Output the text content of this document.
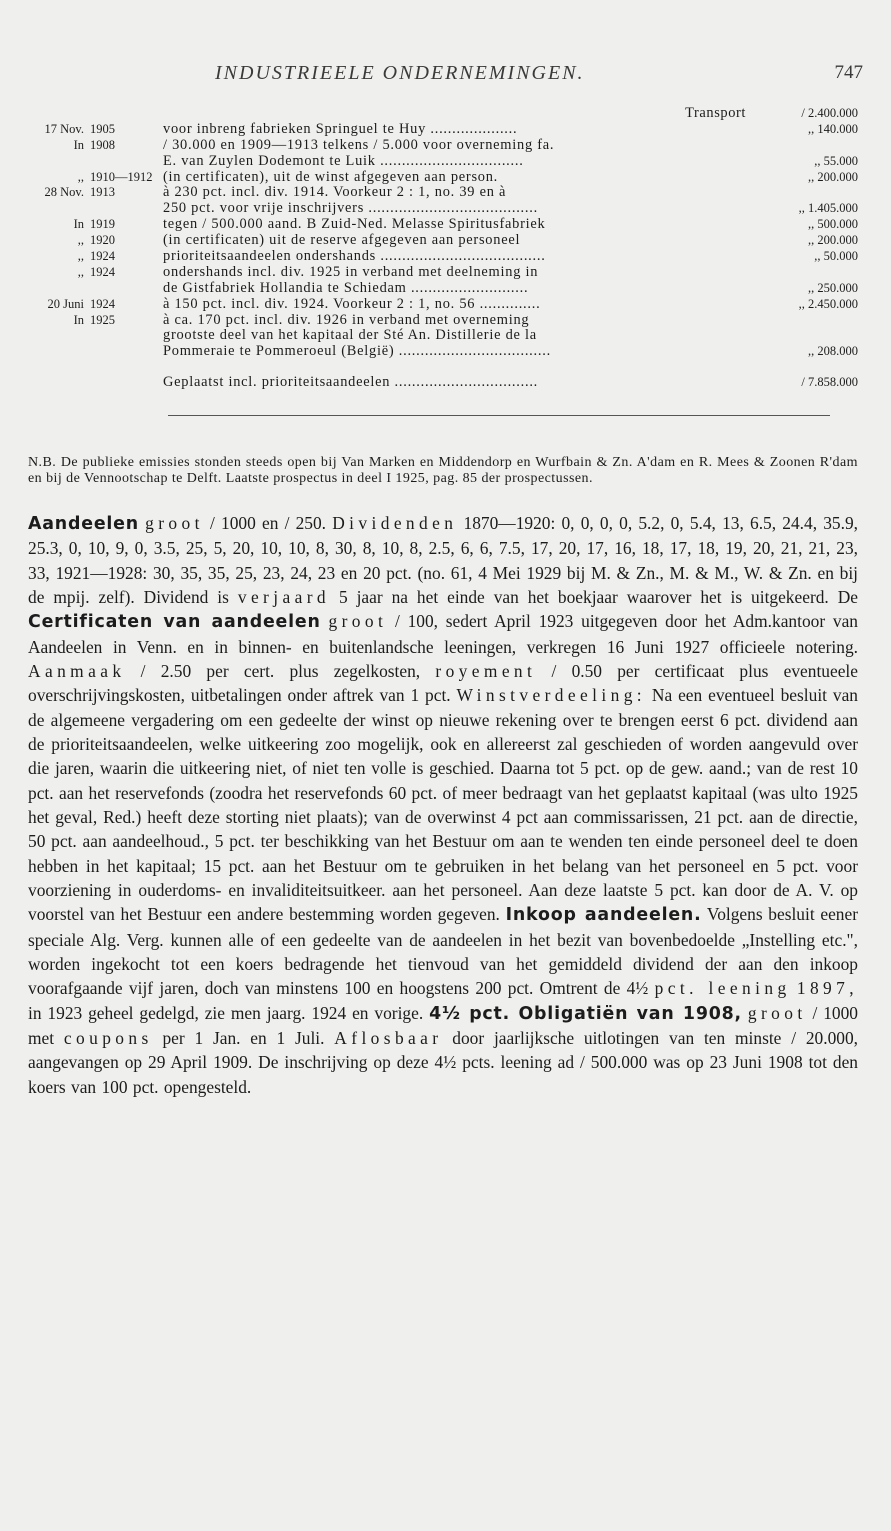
INDUSTRIEELE ONDERNEMINGEN.	747
Transport	/ 2.400.000
17 Nov. 1905	voor inbreng fabrieken Springuel te Huy ....................	,, 140.000
In 1908	/ 30.000 en 1909—1913 telkens / 5.000 voor overneming fa.
E. van Zuylen Dodemont te Luik .................................	,, 55.000
,, 1910—1912 (in certificaten), uit de winst afgegeven aan person.	,, 200.000
28 Nov. 1913	à 230 pct. incl. div. 1914. Voorkeur 2 : 1, no. 39 en à
250 pct. voor vrije inschrijvers .......................................	,, 1.405.000
In 1919	tegen / 500.000 aand. B Zuid-Ned. Melasse Spiritusfabriek	,, 500.000
,, 1920	(in certificaten) uit de reserve afgegeven aan personeel	,, 200.000
,, 1924	prioriteitsaandeelen ondershands ......................................	,, 50.000
,, 1924	ondershands incl. div. 1925 in verband met deelneming in
de Gistfabriek Hollandia te Schiedam ...........................	,, 250.000
20 Juni 1924	à 150 pct. incl. div. 1924. Voorkeur 2 : 1, no. 56 ..............	,, 2.450.000
In 1925	à ca. 170 pct. incl. div. 1926 in verband met overneming
grootste deel van het kapitaal der Sté An. Distillerie de la
Pommeraie te Pommeroeul (België) ...................................	,, 208.000
Geplaatst incl. prioriteitsaandeelen .................................	/ 7.858.000

N.B. De publieke emissies stonden steeds open bij Van Marken en Middendorp en Wurfbain & Zn. A'dam en R. Mees & Zoonen R'dam en bij de Vennootschap te Delft. Laatste prospectus in deel I 1925, pag. 85 der prospectussen.

Aandeelen groot / 1000 en / 250. Dividenden 1870—1920: 0, 0, 0, 0, 5.2, 0, 5.4, 13, 6.5, 24.4, 35.9, 25.3, 0, 10, 9, 0, 3.5, 25, 5, 20, 10, 10, 8, 30, 8, 10, 8, 2.5, 6, 6, 7.5, 17, 20, 17, 16, 18, 17, 18, 19, 20, 21, 21, 23, 33, 1921—1928: 30, 35, 35, 25, 23, 24, 23 en 20 pct. (no. 61, 4 Mei 1929 bij M. & Zn., M. & M., W. & Zn. en bij de mpij. zelf). Dividend is verjaard 5 jaar na het einde van het boekjaar waarover het is uitgekeerd. De Certificaten van aandeelen groot / 100, sedert April 1923 uitgegeven door het Adm.kantoor van Aandeelen in Venn. en in binnen- en buitenlandsche leeningen, verkregen 16 Juni 1927 officieele notering. Aanmaak / 2.50 per cert. plus zegelkosten, royement / 0.50 per certificaat plus eventueele overschrijvingskosten, uitbetalingen onder aftrek van 1 pct. Winstverdeeling: Na een eventueel besluit van de algemeene vergadering om een gedeelte der winst op nieuwe rekening over te brengen eerst 6 pct. dividend aan de prioriteitsaandeelen, welke uitkeering zoo mogelijk, ook en allereerst zal geschieden of worden aangevuld over die jaren, waarin die uitkeering niet, of niet ten volle is geschied. Daarna tot 5 pct. op de gew. aand.; van de rest 10 pct. aan het reservefonds (zoodra het reservefonds 60 pct. of meer bedraagt van het geplaatst kapitaal (was ulto 1925 het geval, Red.) heeft deze storting niet plaats); van de overwinst 4 pct aan commissarissen, 21 pct. aan de directie, 50 pct. aan aandeelhoud., 5 pct. ter beschikking van het Bestuur om aan te wenden ten einde personeel deel te doen hebben in het kapitaal; 15 pct. aan het Bestuur om te gebruiken in het belang van het personeel en 5 pct. voor voorziening in ouderdoms- en invaliditeitsuitkeer. aan het personeel. Aan deze laatste 5 pct. kan door de A. V. op voorstel van het Bestuur een andere bestemming worden gegeven. Inkoop aandeelen. Volgens besluit eener speciale Alg. Verg. kunnen alle of een gedeelte van de aandeelen in het bezit van bovenbedoelde „Instelling etc.", worden ingekocht tot een koers bedragende het tienvoud van het gemiddeld dividend der aan den inkoop voorafgaande vijf jaren, doch van minstens 100 en hoogstens 200 pct. Omtrent de 4½ pct. leening 1897, in 1923 geheel gedelgd, zie men jaarg. 1924 en vorige. 4½ pct. Obligatiën van 1908, groot / 1000 met coupons per 1 Jan. en 1 Juli. Aflosbaar door jaarlijksche uitlotingen van ten minste / 20.000, aangevangen op 29 April 1909. De inschrijving op deze 4½ pcts. leening ad / 500.000 was op 23 Juni 1908 tot den koers van 100 pct. opengesteld.
